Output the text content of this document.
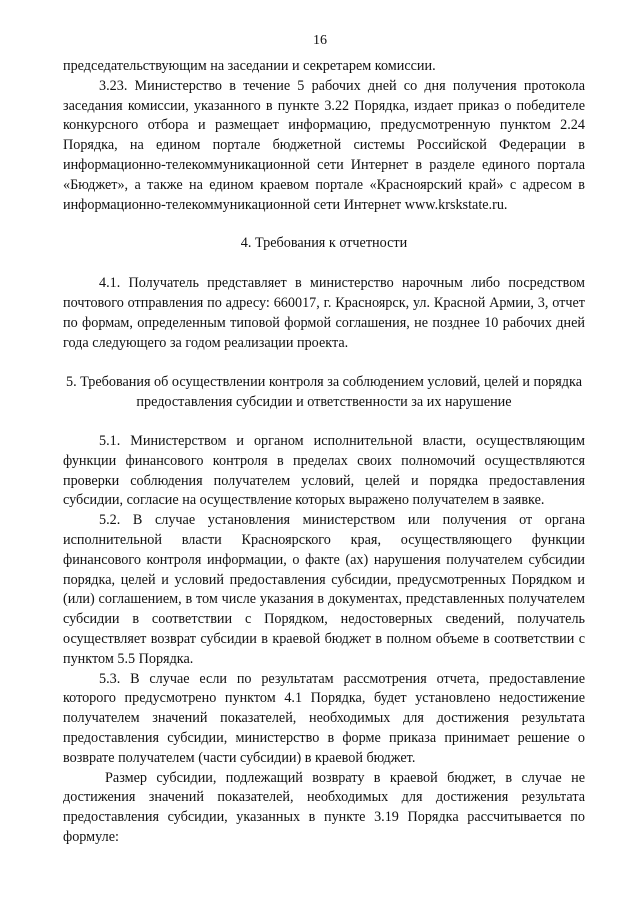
16

председательствующим на заседании и секретарем комиссии.

3.23. Министерство в течение 5 рабочих дней со дня получения протокола заседания комиссии, указанного в пункте 3.22 Порядка, издает приказ о победителе конкурсного отбора и размещает информацию, предусмотренную пунктом 2.24 Порядка, на едином портале бюджетной системы Российской Федерации в информационно-телекоммуникационной сети Интернет в разделе единого портала «Бюджет», а также на едином краевом портале «Красноярский край» с адресом в информационно-телекоммуникационной сети Интернет www.krskstate.ru.

4. Требования к отчетности

4.1. Получатель представляет в министерство нарочным либо посредством почтового отправления по адресу: 660017, г. Красноярск, ул. Красной Армии, 3, отчет по формам, определенным типовой формой соглашения, не позднее 10 рабочих дней года следующего за годом реализации проекта.

5. Требования об осуществлении контроля за соблюдением условий, целей и порядка предоставления субсидии и ответственности за их нарушение

5.1. Министерством и органом исполнительной власти, осуществляющим функции финансового контроля в пределах своих полномочий осуществляются проверки соблюдения получателем условий, целей и порядка предоставления субсидии, согласие на осуществление которых выражено получателем в заявке.

5.2. В случае установления министерством или получения от органа исполнительной власти Красноярского края, осуществляющего функции финансового контроля информации, о факте (ах) нарушения получателем субсидии порядка, целей и условий предоставления субсидии, предусмотренных Порядком и (или) соглашением, в том числе указания в документах, представленных получателем субсидии в соответствии с Порядком, недостоверных сведений, получатель осуществляет возврат субсидии в краевой бюджет в полном объеме в соответствии с пунктом 5.5 Порядка.

5.3. В случае если по результатам рассмотрения отчета, предоставление которого предусмотрено пунктом 4.1 Порядка, будет установлено недостижение получателем значений показателей, необходимых для достижения результата предоставления субсидии, министерство в форме приказа принимает решение о возврате получателем (части субсидии) в краевой бюджет.

Размер субсидии, подлежащий возврату в краевой бюджет, в случае не достижения значений показателей, необходимых для достижения результата предоставления субсидии, указанных в пункте 3.19 Порядка рассчитывается по формуле:
